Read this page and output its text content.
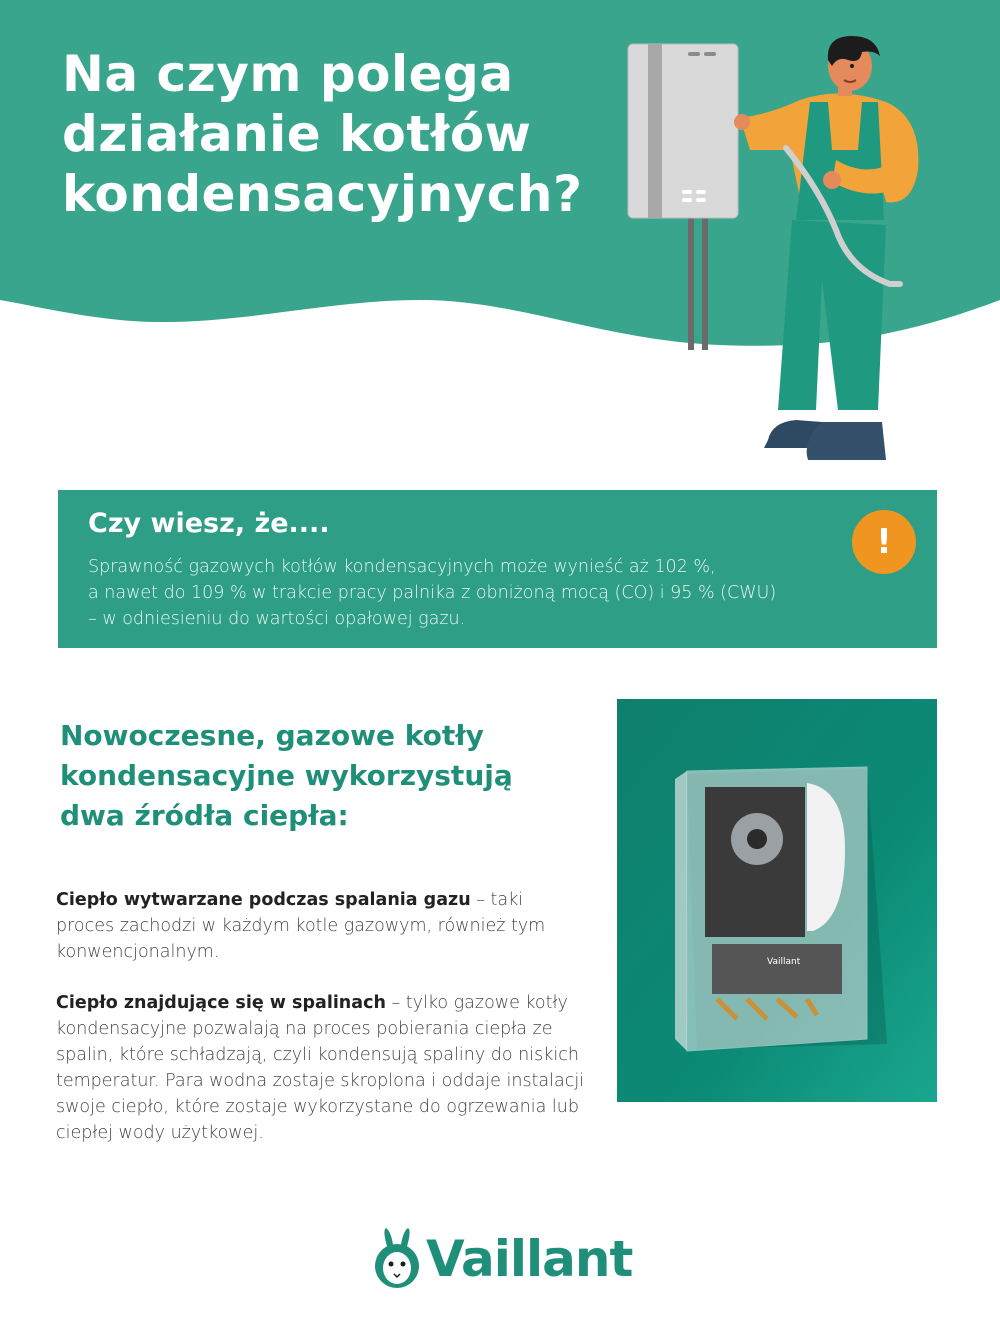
Na czym polega działanie kotłów kondensacyjnych?
Czy wiesz, że....

Sprawność gazowych kotłów kondensacyjnych może wynieść aż 102 %,
a nawet do 109 % w trakcie pracy palnika z obniżoną mocą (CO) i 95 % (CWU)
– w odniesieniu do wartości opałowej gazu.

!
Nowoczesne, gazowe kotły kondensacyjne wykorzystują dwa źródła ciepła:

Ciepło wytwarzane podczas spalania gazu – taki proces zachodzi w każdym kotle gazowym, również tym konwencjonalnym.

Ciepło znajdujące się w spalinach – tylko gazowe kotły kondensacyjne pozwalają na proces pobierania ciepła ze spalin, które schładzają, czyli kondensują spaliny do niskich temperatur. Para wodna zostaje skroplona i oddaje instalacji swoje ciepło, które zostaje wykorzystane do ogrzewania lub ciepłej wody użytkowej.

Vaillant
Vaillant
